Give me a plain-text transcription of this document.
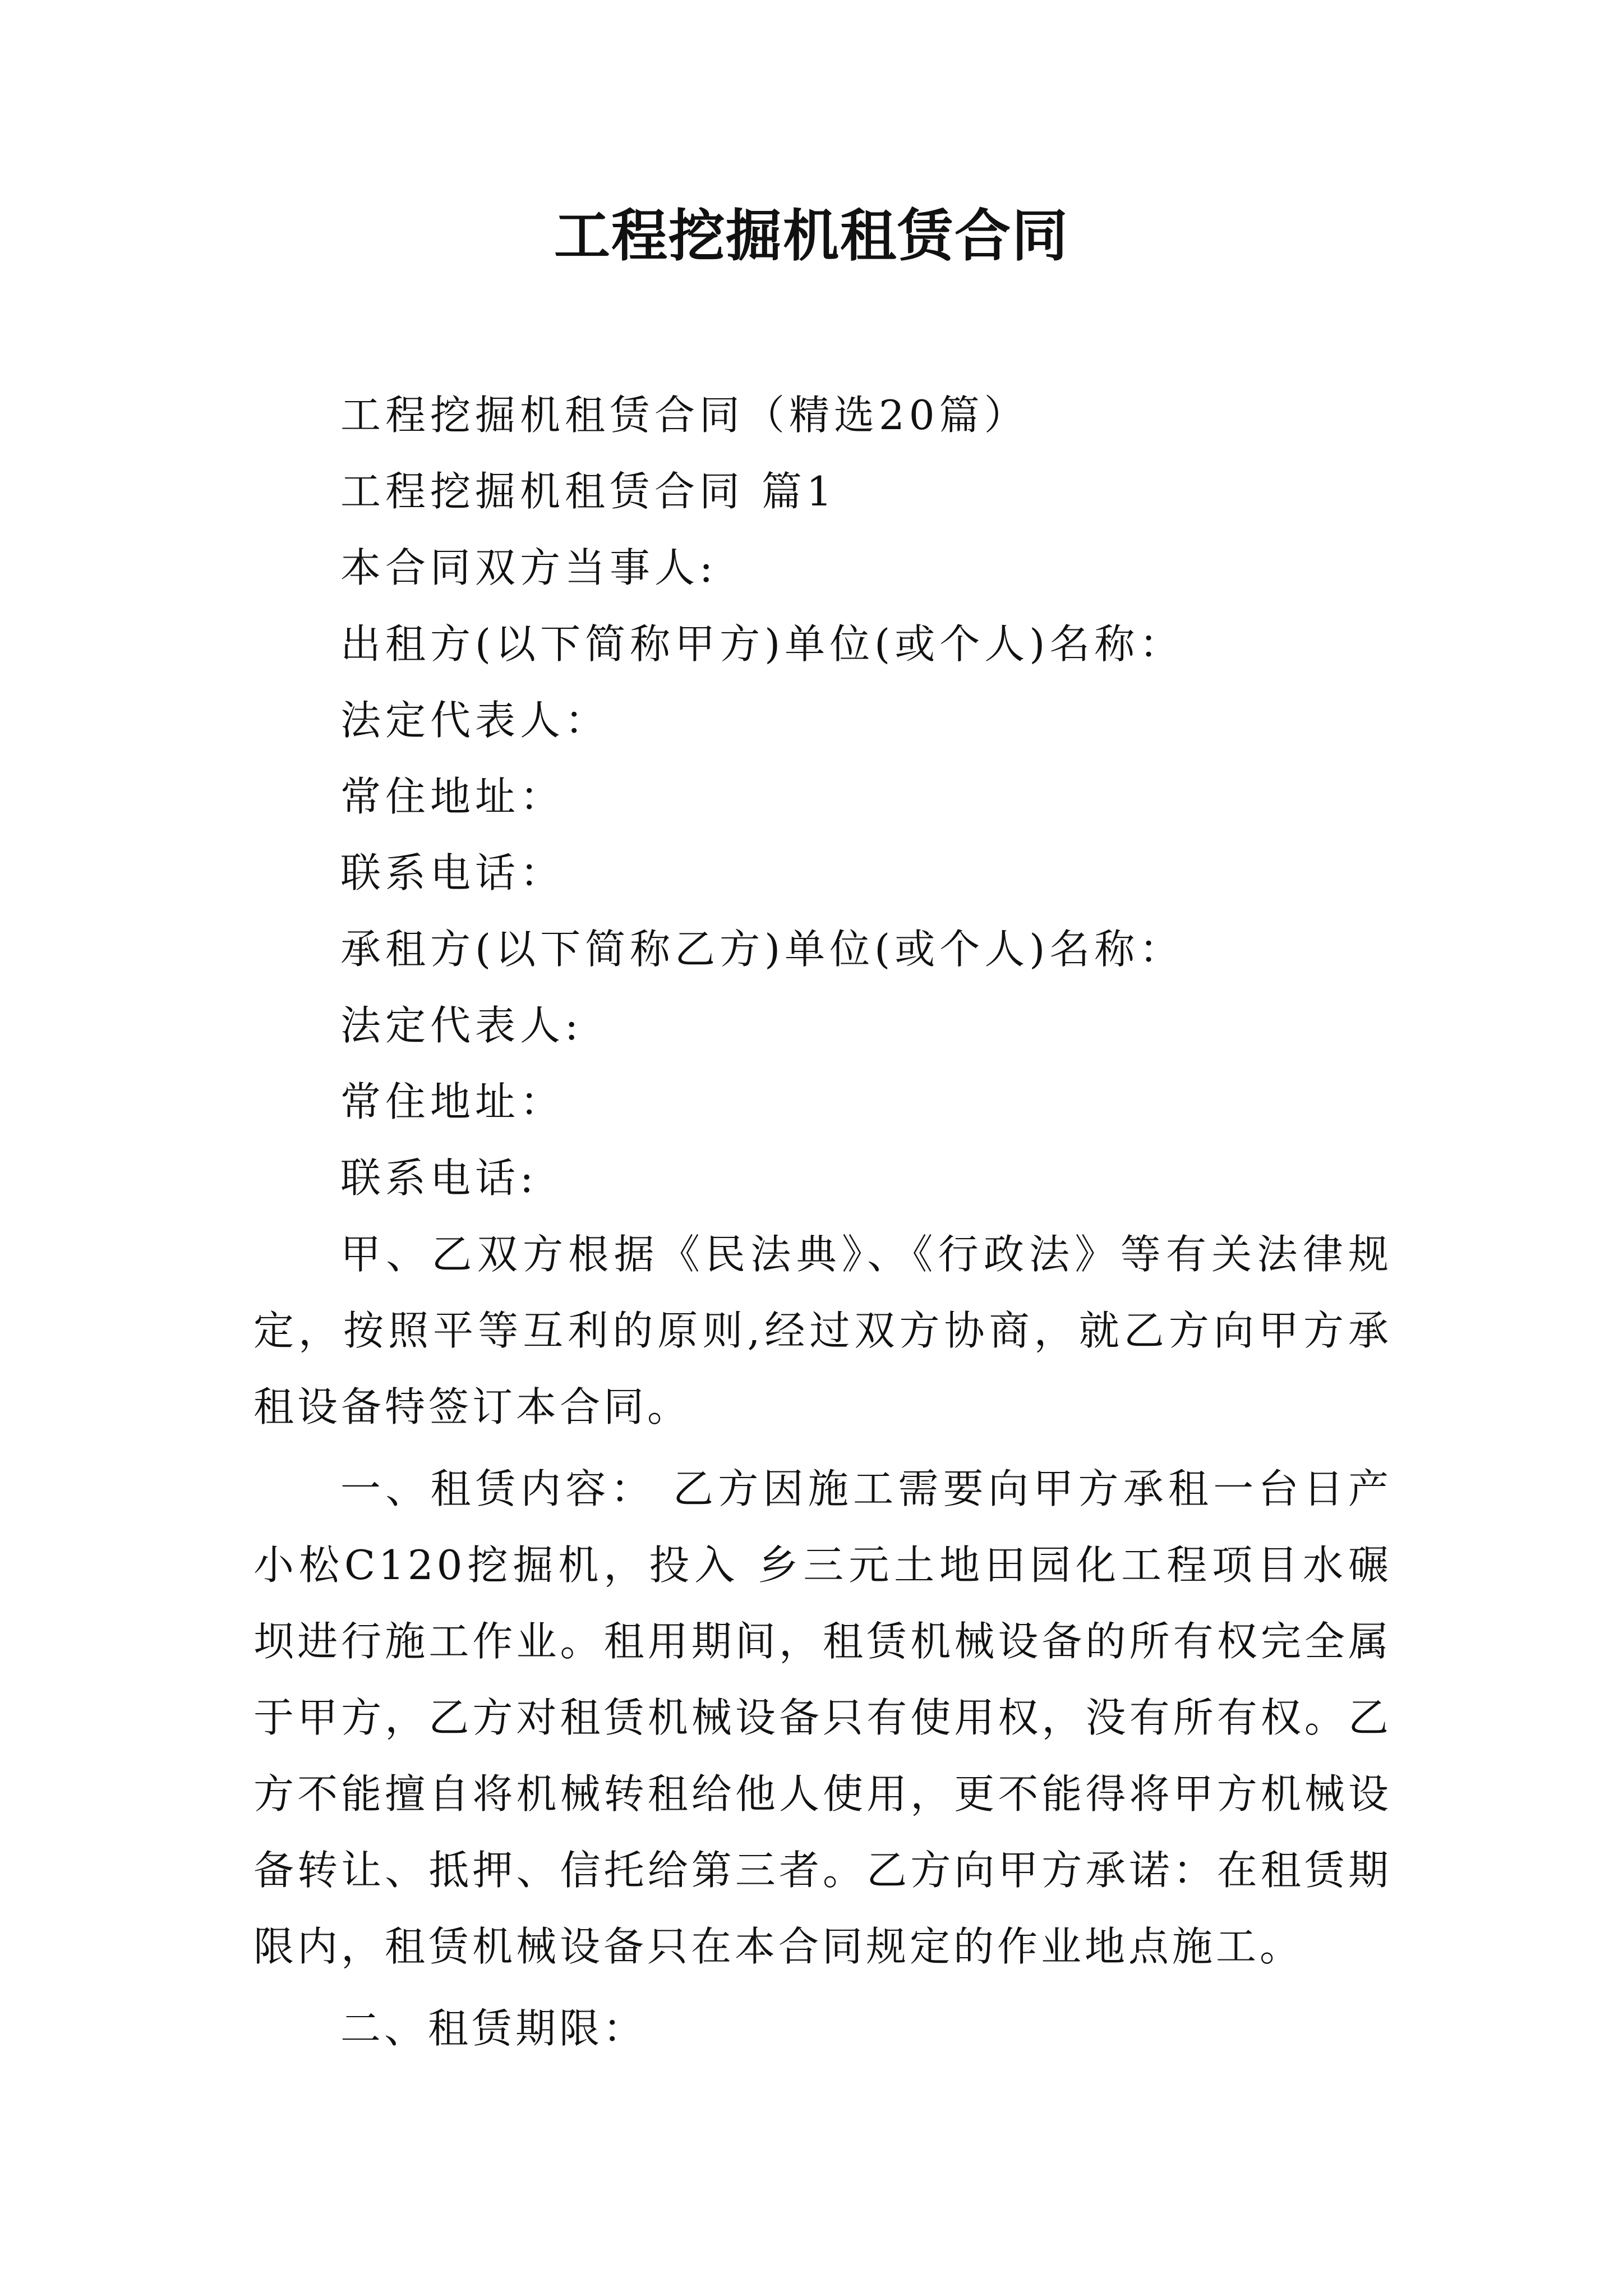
工程挖掘机租赁合同

工程挖掘机租赁合同（精选20篇）

工程挖掘机租赁合同 篇1

本合同双方当事人:

出租方(以下简称甲方)单位(或个人)名称：

法定代表人：

常住地址：

联系电话：

承租方(以下简称乙方)单位(或个人)名称：

法定代表人:

常住地址：

联系电话:

甲、乙双方根据《民法典》、《行政法》等有关法律规定，按照平等互利的原则,经过双方协商，就乙方向甲方承租设备特签订本合同。

一、租赁内容： 乙方因施工需要向甲方承租一台日产小松C120挖掘机，投入 乡三元土地田园化工程项目水碾坝进行施工作业。租用期间，租赁机械设备的所有权完全属于甲方，乙方对租赁机械设备只有使用权，没有所有权。乙方不能擅自将机械转租给他人使用，更不能得将甲方机械设备转让、抵押、信托给第三者。乙方向甲方承诺：在租赁期限内，租赁机械设备只在本合同规定的作业地点施工。

二、租赁期限：
